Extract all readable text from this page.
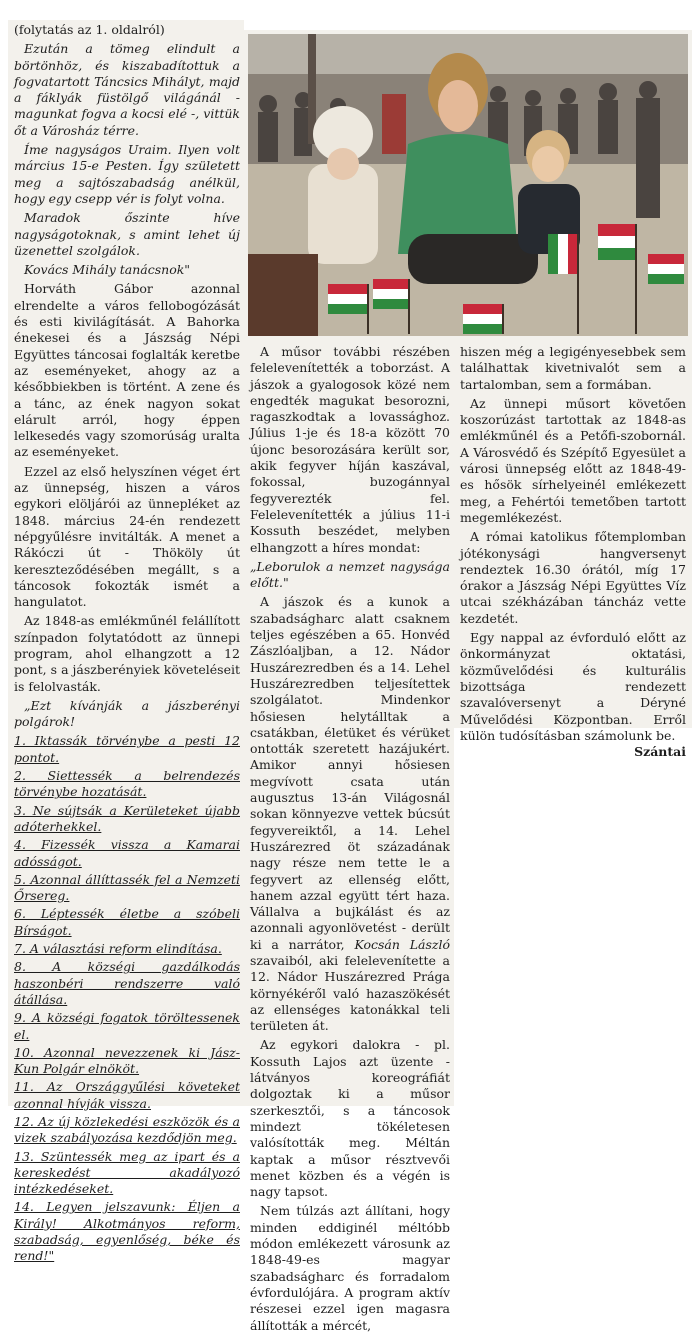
(folytatás az 1. oldalról)

Ezután a tömeg elindult a börtönhöz, és kiszabadítottuk a fogvatartott Táncsics Mihályt, majd a fáklyák füstölgő világánál - magunkat fogva a kocsi elé -, vittük őt a Városház térre.

Íme nagyságos Uraim. Ilyen volt március 15-e Pesten. Így született meg a sajtószabadság anélkül, hogy egy csepp vér is folyt volna.

Maradok őszinte híve nagyságotoknak, s amint lehet új üzenettel szolgálok.

Kovács Mihály tanácsnok"

Horváth Gábor azonnal elrendelte a város fellobogózását és esti kivilágítását. A Bahorka énekesei és a Jászság Népi Együttes táncosai foglalták keretbe az eseményeket, ahogy az a későbbiekben is történt. A zene és a tánc, az ének nagyon sokat elárult arról, hogy éppen lelkesedés vagy szomorúság uralta az eseményeket.

Ezzel az első helyszínen véget ért az ünnepség, hiszen a város egykori elöljárói az ünnepléket az 1848. március 24-én rendezett népgyűlésre invitálták. A menet a Rákóczi út - Thököly út kereszteződésében megállt, s a táncosok fokozták ismét a hangulatot.

Az 1848-as emlékműnél felállított színpadon folytatódott az ünnepi program, ahol elhangzott a 12 pont, s a jászberényiek követeléseit is felolvasták.

„Ezt kívánják a jászberényi polgárok!

1. Iktassák törvénybe a pesti 12 pontot.

2. Siettessék a belrendezés törvénybe hozatását.

3. Ne sújtsák a Kerületeket újabb adóterhekkel.

4. Fizessék vissza a Kamarai adósságot.

5. Azonnal állíttassék fel a Nemzeti Őrsereg.

6. Léptessék életbe a szóbeli Bírságot.

7. A választási reform elindítása.

8. A községi gazdálkodás haszonbéri rendszerre való átállása.

9. A községi fogatok töröltessenek el.

10. Azonnal nevezzenek ki Jász-Kun Polgár elnököt.

11. Az Országgyűlési követeket azonnal hívják vissza.

12. Az új közlekedési eszközök és a vizek szabályozása kezdődjön meg.

13. Szüntessék meg az ipart és a kereskedést akadályozó intézkedéseket.

14. Legyen jelszavunk: Éljen a Király! Alkotmányos reform, szabadság, egyenlőség, béke és rend!"

A műsor további részében felelevenítették a toborzást. A jászok a gyalogosok közé nem engedték magukat besorozni, ragaszkodtak a lovassághoz. Július 1-je és 18-a között 70 újonc besorozására került sor, akik fegyver híján kaszával, fokossal, buzogánnyal fegyverezték fel. Felelevenítették a július 11-i Kossuth beszédet, melyben elhangzott a híres mondat:

„Leborulok a nemzet nagysága előtt."

A jászok és a kunok a szabadságharc alatt csaknem teljes egészében a 65. Honvéd Zászlóaljban, a 12. Nádor Huszárezredben és a 14. Lehel Huszárezredben teljesítettek szolgálatot. Mindenkor hősiesen helytálltak a csatákban, életüket és vérüket ontották szeretett hazájukért. Amikor annyi hősiesen megvívott csata után augusztus 13-án Világosnál sokan könnyezve vettek búcsút fegyvereiktől, a 14. Lehel Huszárezred öt századának nagy része nem tette le a fegyvert az ellenség előtt, hanem azzal együtt tért haza. Vállalva a bujkálást és az azonnali agyonlövetést - derült ki a narrátor, Kocsán László szavaiból, aki felelevenítette a 12. Nádor Huszárezred Prága környékéről való hazaszökését az ellenséges katonákkal teli területen át.

Az egykori dalokra - pl. Kossuth Lajos azt üzente - látványos koreográfiát dolgoztak ki a műsor szerkesztői, s a táncosok mindezt tökéletesen valósították meg. Méltán kaptak a műsor résztvevői menet közben és a végén is nagy tapsot.

Nem túlzás azt állítani, hogy minden eddiginél méltóbb módon emlékezett városunk az 1848-49-es magyar szabadságharc és forradalom évfordulójára. A program aktív részesei ezzel igen magasra állították a mércét,

hiszen még a legigényesebbek sem találhattak kivetnivalót sem a tartalomban, sem a formában.

Az ünnepi műsort követően koszorúzást tartottak az 1848-as emlékműnél és a Petőfi-szobornál. A Városvédő és Szépítő Egyesület a városi ünnepség előtt az 1848-49-es hősök sírhelyeinél emlékezett meg, a Fehértói temetőben tartott megemlékezést.

A római katolikus főtemplomban jótékonysági hangversenyt rendeztek 16.30 órától, míg 17 órakor a Jászság Népi Együttes Víz utcai székházában táncház vette kezdetét.

Egy nappal az évforduló előtt az önkormányzat oktatási, közművelődési és kulturális bizottsága rendezett szavalóversenyt a Déryné Művelődési Központban. Erről külön tudósításban számolunk be.
Szántai
